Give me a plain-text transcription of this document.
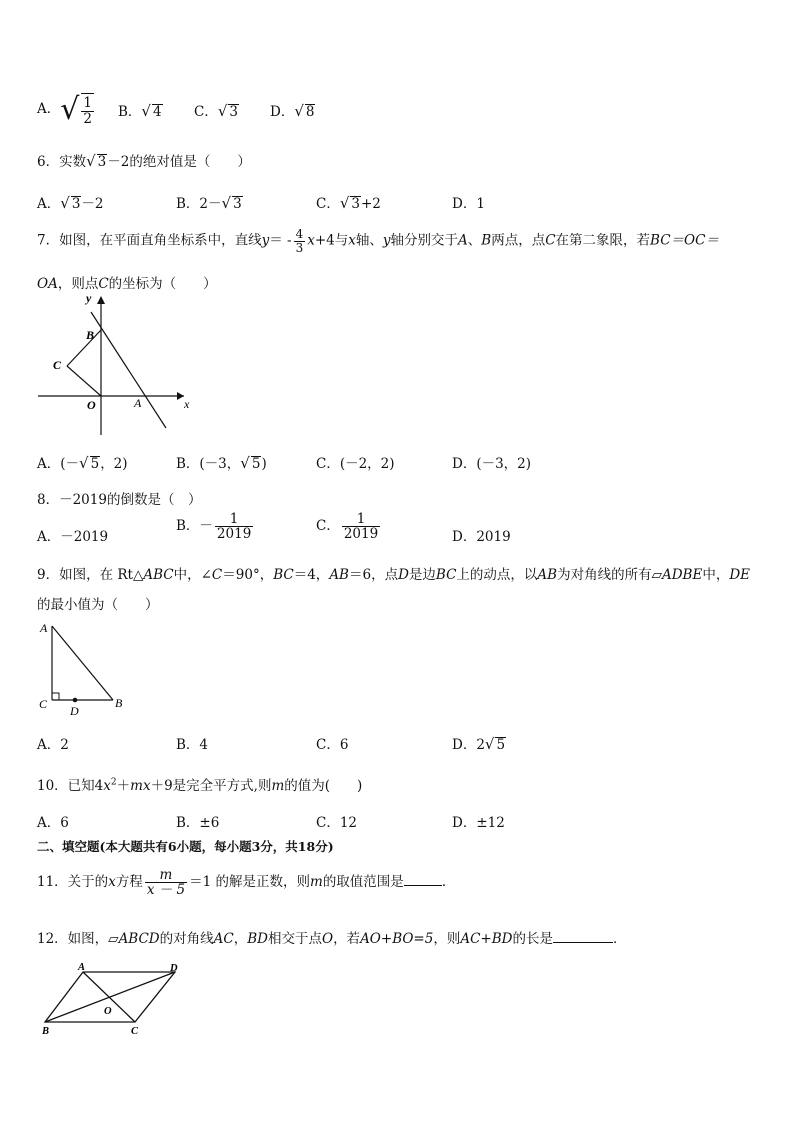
A．√ $\frac{1}{2}$ B．√ 4 C．√ 3 D．√ 8
6．实数√ 3－2的绝对值是（　　）
A．√ 3－2	B．2－√ 3	C．√ 3+2	D．1
7．如图，在平面直角坐标系中，直线$y= - \frac{4}{3} x+4$与x轴、y轴分别交于A、B两点，点C在第二象限，若BC＝OC＝
OA，则点C的坐标为（　　）
y
x
B
C
O	A
A．(－√ 5，2)	B．(－3，√ 5)	C．(－2，2)	D．(－3，2)
8．－2019的倒数是（　）
A．－2019
B．－ $\frac{1}{2019}$	C． $\frac{1}{2019}$	D．2019
9．如图，在 Rt△ABC中，∠C＝90°，BC＝4，AB＝6，点D是边BC上的动点，以AB为对角线的所有▱ADBE中，DE
的最小值为（　　）
A
C D
B
A．2	B．4	C．6	D．2√ 5
10．已知$4x^2+mx+9$是完全平方式,则m的值为(　　)
A．6	B．±6	C．12	D．±12
二、填空题(本大题共有6小题，每小题3分，共18分)
11．关于的x方程 $\frac{m}{x - 5} =1$ 的解是正数，则m的取值范围是	．
12．如图，▱ABCD的对角线AC，BD相交于点O，若AO+BO=5，则AC+BD的长是	．
A	D
O
B	C
